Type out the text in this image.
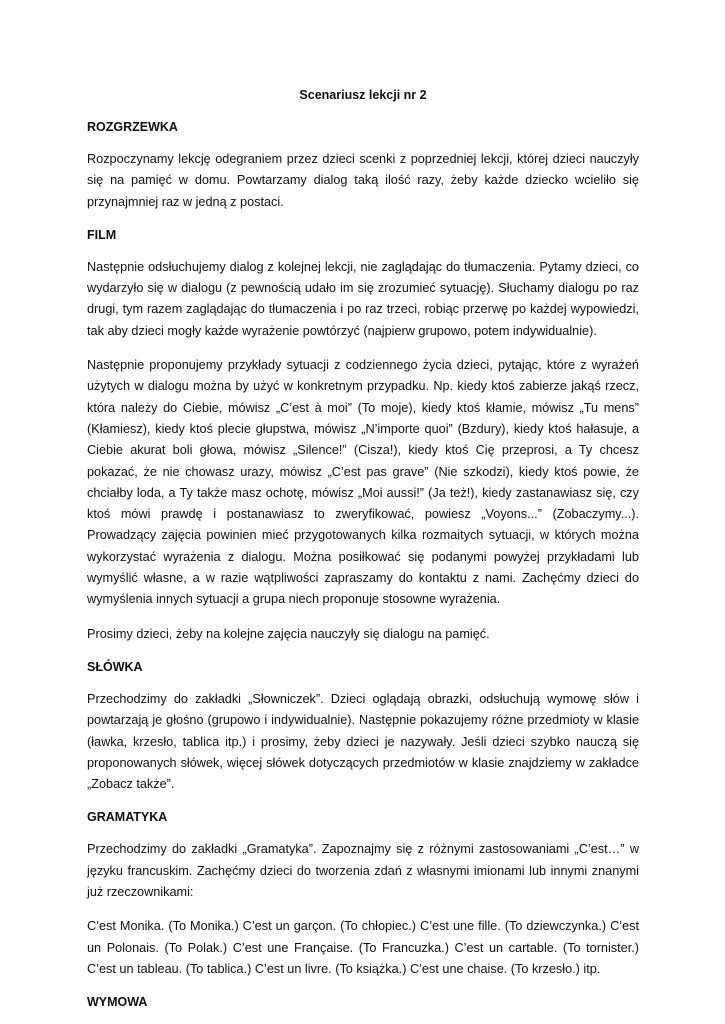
Scenariusz lekcji nr 2
ROZGRZEWKA

Rozpoczynamy lekcję odegraniem przez dzieci scenki z poprzedniej lekcji, której dzieci nauczyły się na pamięć w domu. Powtarzamy dialog taką ilość razy, żeby każde dziecko wcieliło się przynajmniej raz w jedną z postaci.

FILM

Następnie odsłuchujemy dialog z kolejnej lekcji, nie zaglądając do tłumaczenia. Pytamy dzieci, co wydarzyło się w dialogu (z pewnością udało im się zrozumieć sytuację). Słuchamy dialogu po raz drugi, tym razem zaglądając do tłumaczenia i po raz trzeci, robiąc przerwę po każdej wypowiedzi, tak aby dzieci mogły każde wyrażenie powtórzyć (najpierw grupowo, potem indywidualnie).

Następnie proponujemy przykłady sytuacji z codziennego życia dzieci, pytając, które z wyrażeń użytych w dialogu można by użyć w konkretnym przypadku. Np. kiedy ktoś zabierze jakąś rzecz, która należy do Ciebie, mówisz „C’est à moi” (To moje), kiedy ktoś kłamie, mówisz „Tu mens” (Kłamiesz), kiedy ktoś plecie głupstwa, mówisz „N’importe quoi” (Bzdury), kiedy ktoś hałasuje, a Ciebie akurat boli głowa, mówisz „Silence!” (Cisza!), kiedy ktoś Cię przeprosi, a Ty chcesz pokazać, że nie chowasz urazy, mówisz „C’est pas grave” (Nie szkodzi), kiedy ktoś powie, że chciałby loda, a Ty także masz ochotę, mówisz „Moi aussi!” (Ja też!), kiedy zastanawiasz się, czy ktoś mówi prawdę i postanawiasz to zweryfikować, powiesz „Voyons...” (Zobaczymy...). Prowadzący zajęcia powinien mieć przygotowanych kilka rozmaitych sytuacji, w których można wykorzystać wyrażenia z dialogu. Można posiłkować się podanymi powyżej przykładami lub wymyślić własne, a w razie wątpliwości zapraszamy do kontaktu z nami. Zachęćmy dzieci do wymyślenia innych sytuacji a grupa niech proponuje stosowne wyrażenia.

Prosimy dzieci, żeby na kolejne zajęcia nauczyły się dialogu na pamięć.

SŁÓWKA

Przechodzimy do zakładki „Słowniczek”. Dzieci oglądają obrazki, odsłuchują wymowę słów i powtarzają je głośno (grupowo i indywidualnie). Następnie pokazujemy różne przedmioty w klasie (ławka, krzesło, tablica itp.) i prosimy, żeby dzieci je nazywały. Jeśli dzieci szybko nauczą się proponowanych słówek, więcej słówek dotyczących przedmiotów w klasie znajdziemy w zakładce „Zobacz także”.

GRAMATYKA

Przechodzimy do zakładki „Gramatyka”. Zapoznajmy się z różnymi zastosowaniami „C’est…” w języku francuskim. Zachęćmy dzieci do tworzenia zdań z własnymi imionami lub innymi znanymi już rzeczownikami:

C’est Monika. (To Monika.) C’est un garçon. (To chłopiec.) C’est une fille. (To dziewczynka.) C’est un Polonais. (To Polak.) C’est une Française. (To Francuzka.) C’est un cartable. (To tornister.) C’est un tableau. (To tablica.) C’est un livre. (To książka.) C’est une chaise. (To krzesło.) itp.

WYMOWA
